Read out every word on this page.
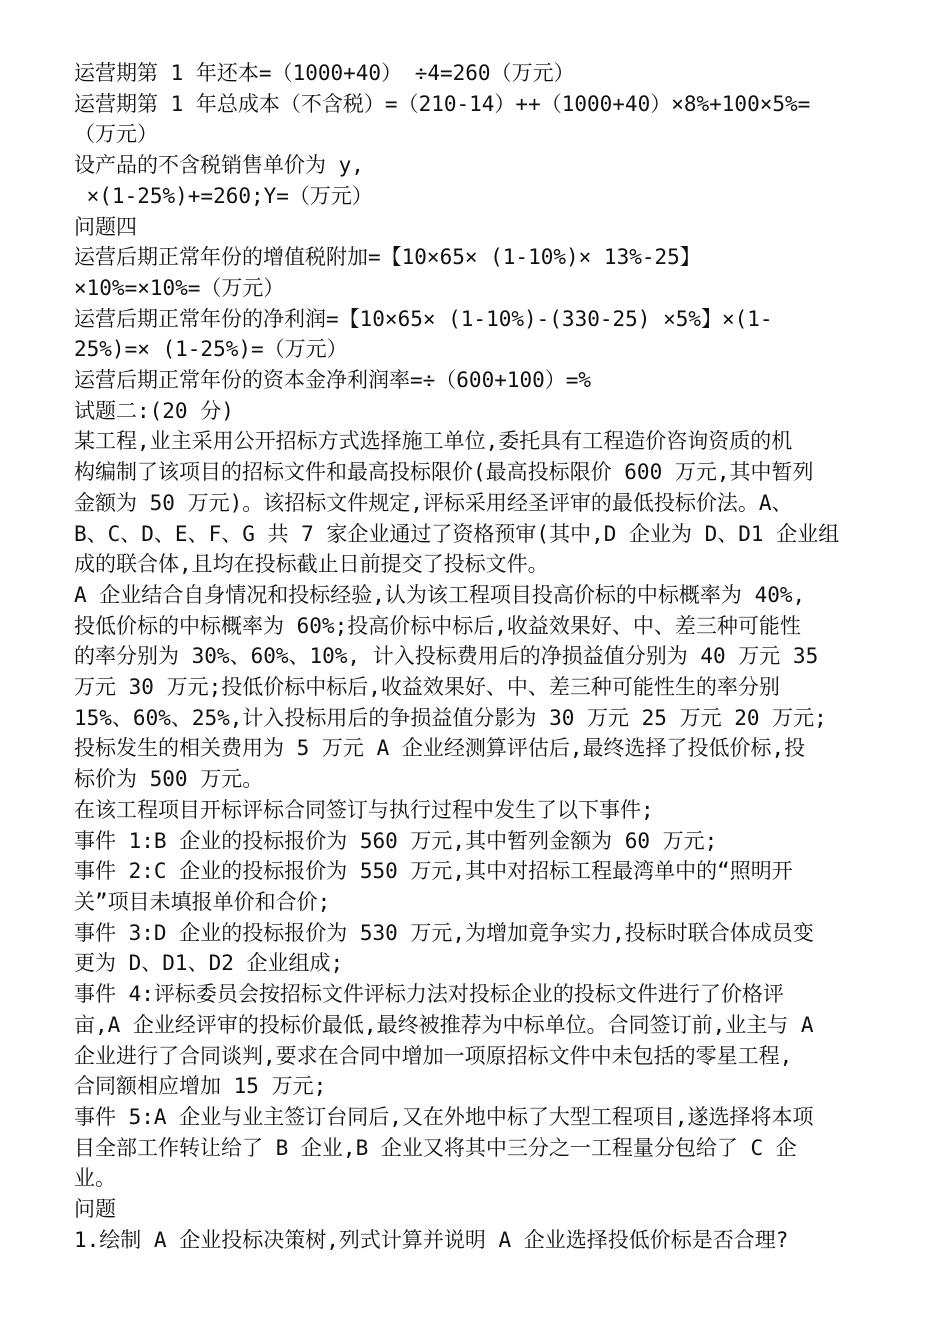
运营期第 1 年还本=（1000+40） ÷4=260（万元）
运营期第 1 年总成本（不含税）=（210-14）++（1000+40）×8%+100×5%=
（万元）
设产品的不含税销售单价为 y,
×(1-25%)+=260;Y=（万元）
问题四
运营后期正常年份的增值税附加=【10×65× (1-10%)× 13%-25】
×10%=×10%=（万元）
运营后期正常年份的净利润=【10×65× (1-10%)-(330-25) ×5%】×(1-
25%)=× (1-25%)=（万元）
运营后期正常年份的资本金净利润率=÷（600+100）=%
试题二:(20 分)
某工程,业主采用公开招标方式选择施工单位,委托具有工程造价咨询资质的机
构编制了该项目的招标文件和最高投标限价(最高投标限价 600 万元,其中暂列
金额为 50 万元)。该招标文件规定,评标采用经圣评审的最低投标价法。A、
B、C、D、E、F、G 共 7 家企业通过了资格预审(其中,D 企业为 D、D1 企业组
成的联合体,且均在投标截止日前提交了投标文件。
A 企业结合自身情况和投标经验,认为该工程项目投高价标的中标概率为 40%,
投低价标的中标概率为 60%;投高价标中标后,收益效果好、中、差三种可能性
的率分别为 30%、60%、10%, 计入投标费用后的净损益值分别为 40 万元 35
万元 30 万元;投低价标中标后,收益效果好、中、差三种可能性生的率分别
15%、60%、25%,计入投标用后的争损益值分影为 30 万元 25 万元 20 万元;
投标发生的相关费用为 5 万元 A 企业经测算评估后,最终选择了投低价标,投
标价为 500 万元。
在该工程项目开标评标合同签订与执行过程中发生了以下事件;
事件 1:B 企业的投标报价为 560 万元,其中暂列金额为 60 万元;
事件 2:C 企业的投标报价为 550 万元,其中对招标工程最湾单中的“照明开
关”项目未填报单价和合价;
事件 3:D 企业的投标报价为 530 万元,为增加竟争实力,投标时联合体成员变
更为 D、D1、D2 企业组成;
事件 4:评标委员会按招标文件评标力法对投标企业的投标文件进行了价格评
亩,A 企业经评审的投标价最低,最终被推荐为中标单位。合同签订前,业主与 A
企业进行了合同谈判,要求在合同中增加一项原招标文件中未包括的零星工程,
合同额相应增加 15 万元;
事件 5:A 企业与业主签订台同后,又在外地中标了大型工程项目,遂选择将本项
目全部工作转让给了 B 企业,B 企业又将其中三分之一工程量分包给了 C 企
业。
问题
1.绘制 A 企业投标决策树,列式计算并说明 A 企业选择投低价标是否合理?
